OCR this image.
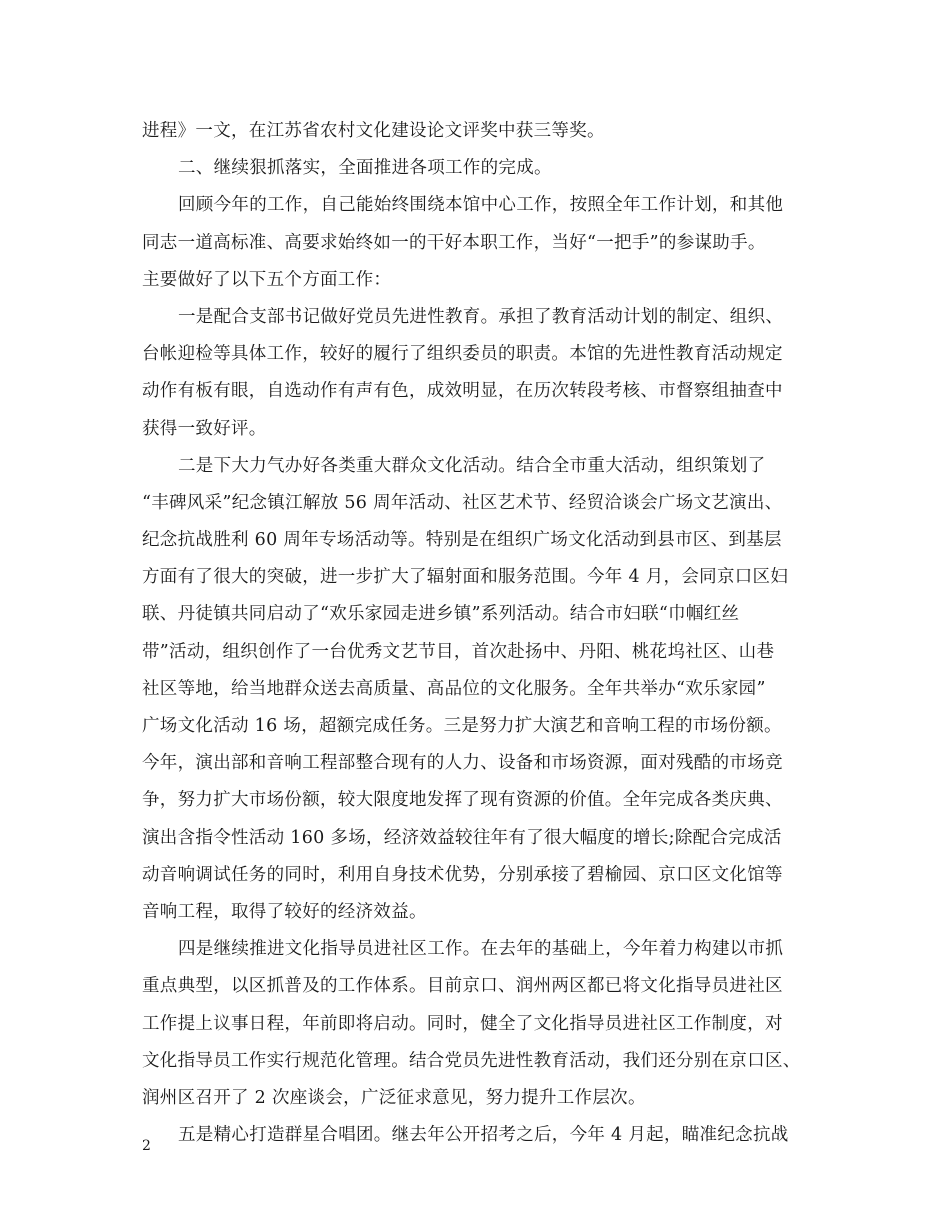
进程》一文，在江苏省农村文化建设论文评奖中获三等奖。
二、继续狠抓落实，全面推进各项工作的完成。
回顾今年的工作，自己能始终围绕本馆中心工作，按照全年工作计划，和其他
同志一道高标准、高要求始终如一的干好本职工作，当好“一把手”的参谋助手。
主要做好了以下五个方面工作：
一是配合支部书记做好党员先进性教育。承担了教育活动计划的制定、组织、
台帐迎检等具体工作，较好的履行了组织委员的职责。本馆的先进性教育活动规定
动作有板有眼，自选动作有声有色，成效明显，在历次转段考核、市督察组抽查中
获得一致好评。
二是下大力气办好各类重大群众文化活动。结合全市重大活动，组织策划了
“丰碑风采”纪念镇江解放 56 周年活动、社区艺术节、经贸洽谈会广场文艺演出、
纪念抗战胜利 60 周年专场活动等。特别是在组织广场文化活动到县市区、到基层
方面有了很大的突破，进一步扩大了辐射面和服务范围。今年 4 月，会同京口区妇
联、丹徒镇共同启动了“欢乐家园走进乡镇”系列活动。结合市妇联“巾帼红丝
带”活动，组织创作了一台优秀文艺节目，首次赴扬中、丹阳、桃花坞社区、山巷
社区等地，给当地群众送去高质量、高品位的文化服务。全年共举办“欢乐家园”
广场文化活动 16 场，超额完成任务。三是努力扩大演艺和音响工程的市场份额。
今年，演出部和音响工程部整合现有的人力、设备和市场资源，面对残酷的市场竞
争，努力扩大市场份额，较大限度地发挥了现有资源的价值。全年完成各类庆典、
演出含指令性活动 160 多场，经济效益较往年有了很大幅度的增长;除配合完成活
动音响调试任务的同时，利用自身技术优势，分别承接了碧榆园、京口区文化馆等
音响工程，取得了较好的经济效益。
四是继续推进文化指导员进社区工作。在去年的基础上，今年着力构建以市抓
重点典型，以区抓普及的工作体系。目前京口、润州两区都已将文化指导员进社区
工作提上议事日程，年前即将启动。同时，健全了文化指导员进社区工作制度，对
文化指导员工作实行规范化管理。结合党员先进性教育活动，我们还分别在京口区、
润州区召开了 2 次座谈会，广泛征求意见，努力提升工作层次。
五是精心打造群星合唱团。继去年公开招考之后，今年 4 月起，瞄准纪念抗战
2
